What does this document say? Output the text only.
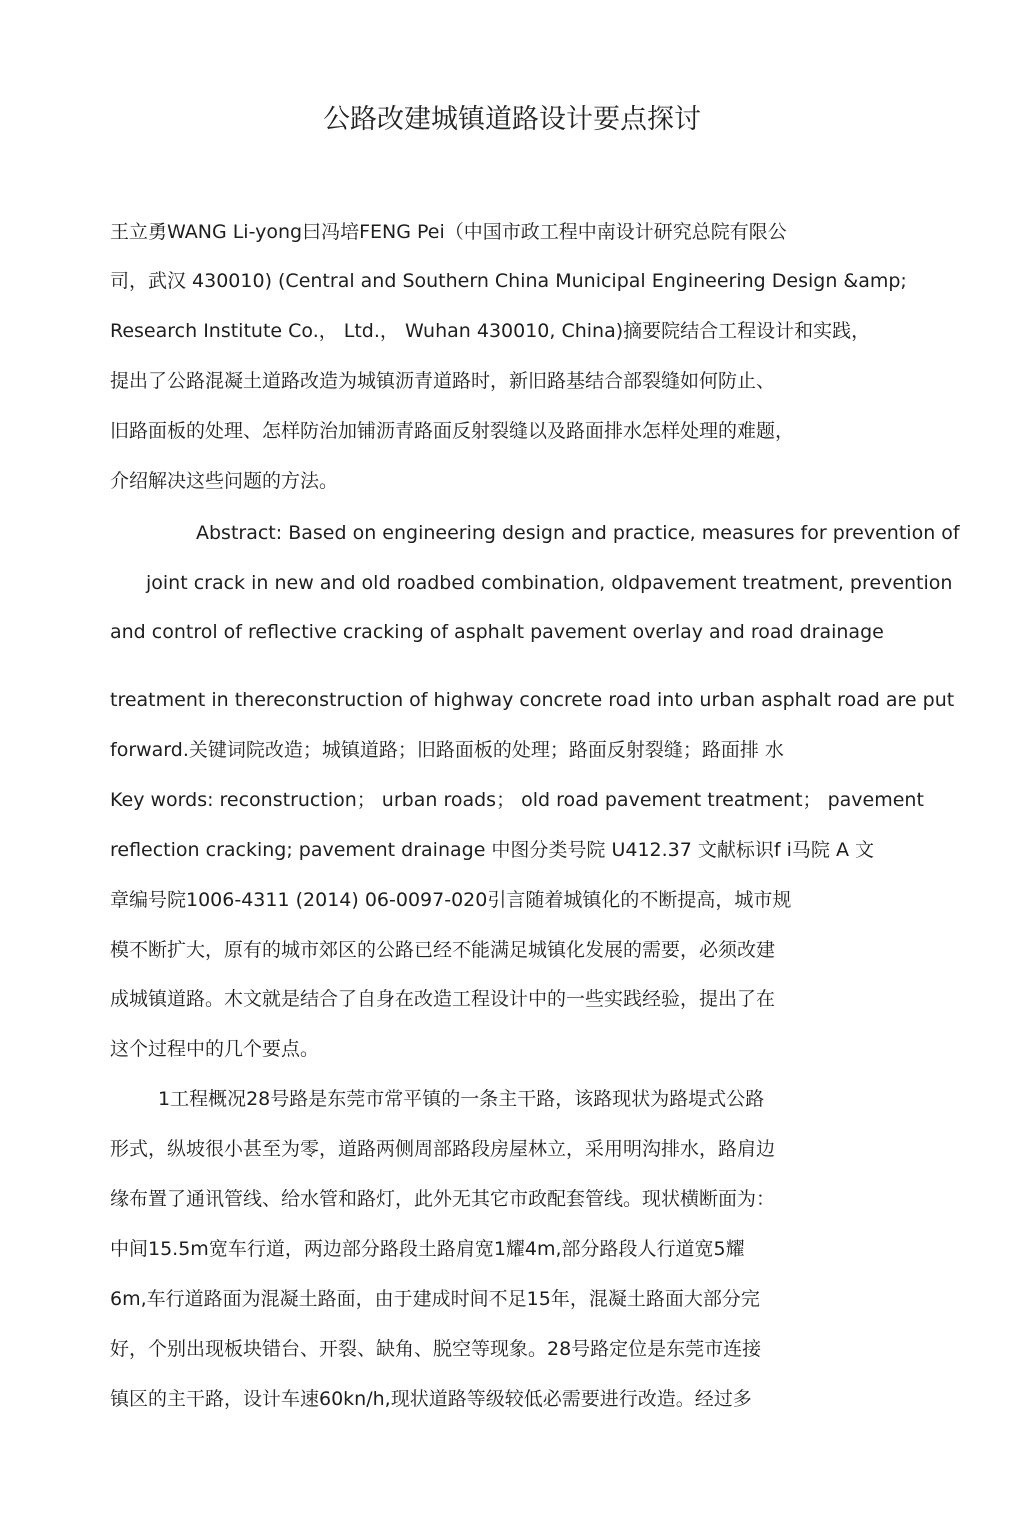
公路改建城镇道路设计要点探讨
王立勇WANG Li-yong曰冯培FENG Pei（中国市政工程中南设计研究总院有限公
司，武汉 430010) (Central and Southern China Municipal Engineering Design &amp;
Research Institute Co.， Ltd.， Wuhan 430010, China)摘要院结合工程设计和实践，
提出了公路混凝土道路改造为城镇沥青道路时，新旧路基结合部裂缝如何防止、
旧路面板的处理、怎样防治加铺沥青路面反射裂缝以及路面排水怎样处理的难题，
介绍解决这些问题的方法。
Abstract: Based on engineering design and practice, measures for prevention of
joint crack in new and old roadbed combination, oldpavement treatment, prevention
and control of reflective cracking of asphalt pavement overlay and road drainage
treatment in thereconstruction of highway concrete road into urban asphalt road are put
forward.关键词院改造；城镇道路；旧路面板的处理；路面反射裂缝；路面排 水
Key words: reconstruction； urban roads； old road pavement treatment； pavement
reflection cracking; pavement drainage 中图分类号院 U412.37 文献标识f i马院 A 文
章编号院1006-4311 (2014) 06-0097-020引言随着城镇化的不断提高，城市规
模不断扩大，原有的城市郊区的公路已经不能满足城镇化发展的需要，必须改建
成城镇道路。木文就是结合了自身在改造工程设计中的一些实践经验，提出了在
这个过程中的几个要点。
1工程概况28号路是东莞市常平镇的一条主干路，该路现状为路堤式公路
形式，纵坡很小甚至为零，道路两侧周部路段房屋林立，采用明沟排水，路肩边
缘布置了通讯管线、给水管和路灯，此外无其它市政配套管线。现状横断面为：
中间15.5m宽车行道，两边部分路段土路肩宽1耀4m,部分路段人行道宽5耀
6m,车行道路面为混凝土路面，由于建成时间不足15年，混凝土路面大部分完
好，个别出现板块错台、开裂、缺角、脱空等现象。28号路定位是东莞市连接
镇区的主干路，设计车速60kn/h,现状道路等级较低必需要进行改造。经过多
